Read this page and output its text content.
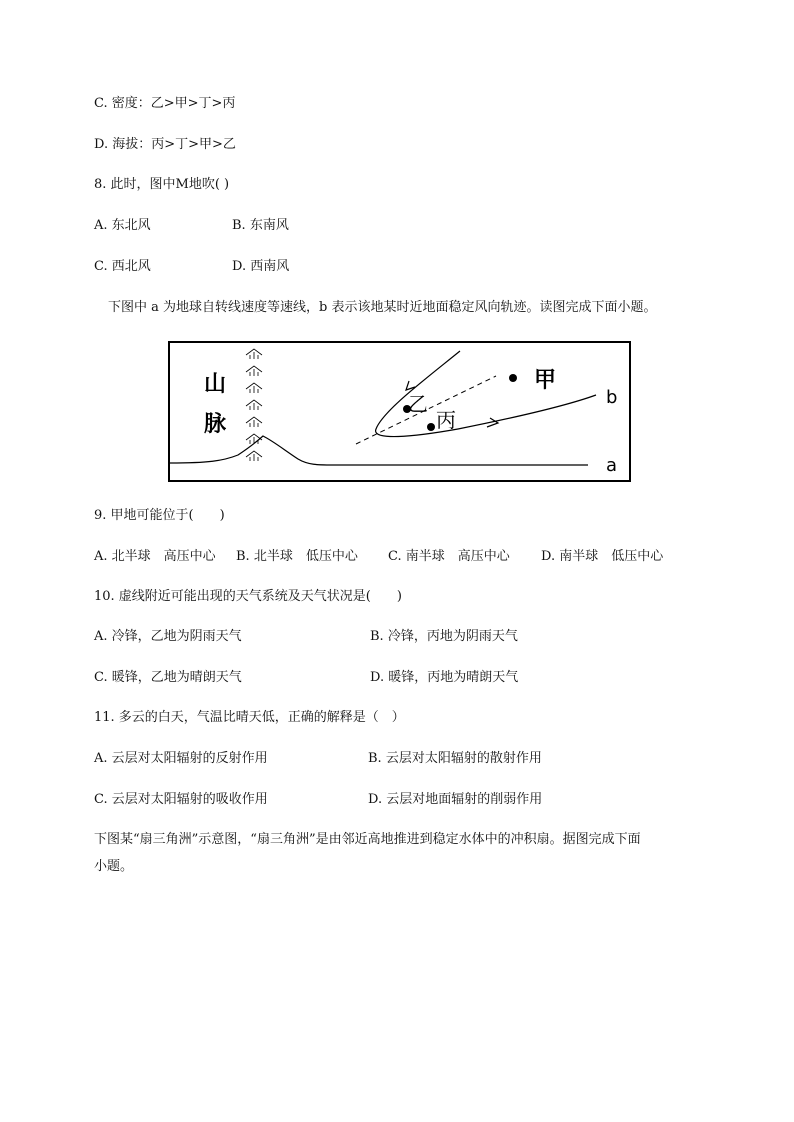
C. 密度：乙>甲>丁>丙
D. 海拔：丙>丁>甲>乙
8. 此时，图中M地吹( )
A. 东北风	B. 东南风
C. 西北风	D. 西南风
下图中 a 为地球自转线速度等速线，b 表示该地某时近地面稳定风向轨迹。读图完成下面小题。
山
脉
甲
乙
丙
b
a
9. 甲地可能位于(　　)
A. 北半球　高压中心 B. 北半球　低压中心 C. 南半球　高压中心 D. 南半球　低压中心
10. 虚线附近可能出现的天气系统及天气状况是(　　)
A. 冷锋，乙地为阴雨天气	B. 冷锋，丙地为阴雨天气
C. 暖锋，乙地为晴朗天气	D. 暖锋，丙地为晴朗天气
11. 多云的白天，气温比晴天低，正确的解释是（　）
A. 云层对太阳辐射的反射作用	B. 云层对太阳辐射的散射作用
C. 云层对太阳辐射的吸收作用	D. 云层对地面辐射的削弱作用
下图某“扇三角洲”示意图，“扇三角洲”是由邻近高地推进到稳定水体中的冲积扇。据图完成下面
小题。
